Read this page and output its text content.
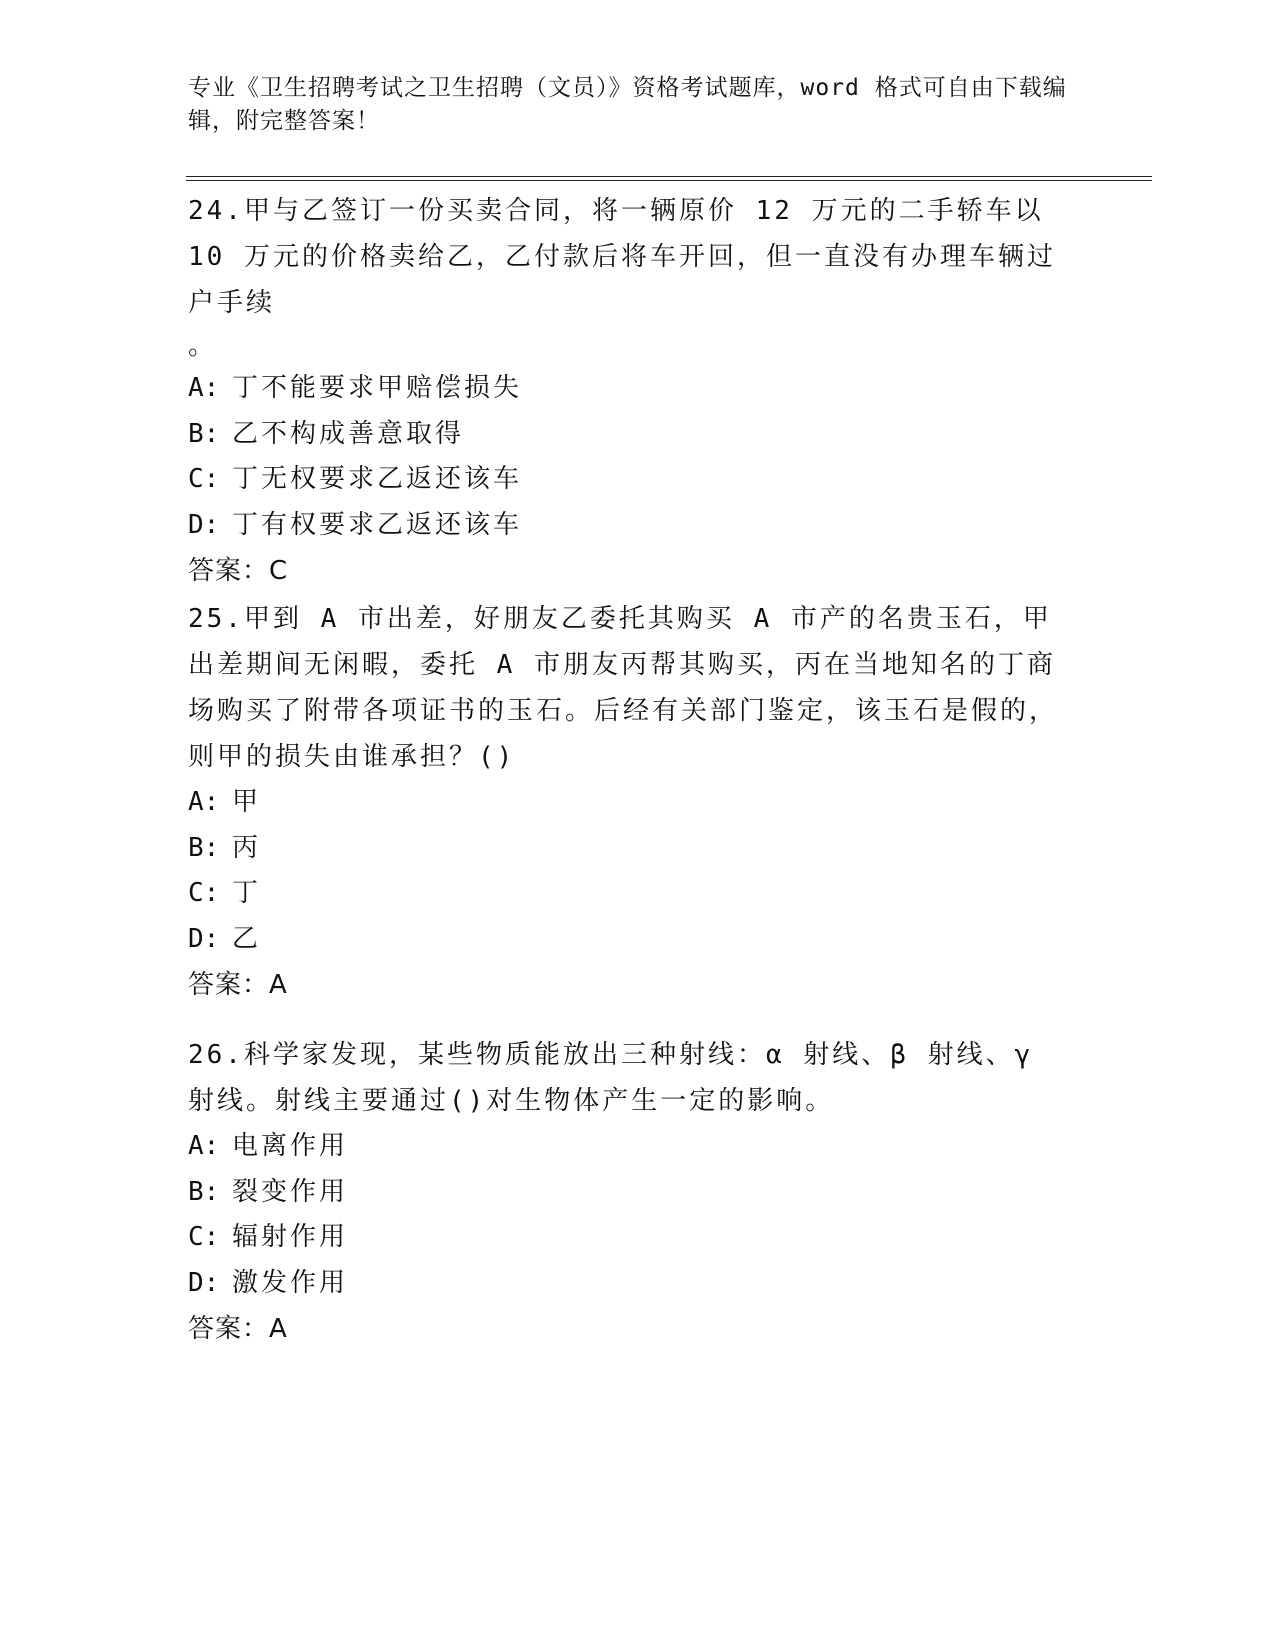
专业《卫生招聘考试之卫生招聘（文员）》资格考试题库，word 格式可自由下载编辑，附完整答案！

24.甲与乙签订一份买卖合同，将一辆原价 12 万元的二手轿车以 10 万元的价格卖给乙，乙付款后将车开回，但一直没有办理车辆过户手续

。

A: 丁不能要求甲赔偿损失

B: 乙不构成善意取得

C: 丁无权要求乙返还该车

D: 丁有权要求乙返还该车

答案：C

25.甲到 A 市出差，好朋友乙委托其购买 A 市产的名贵玉石，甲出差期间无闲暇，委托 A 市朋友丙帮其购买，丙在当地知名的丁商场购买了附带各项证书的玉石。后经有关部门鉴定，该玉石是假的，则甲的损失由谁承担？()

A: 甲

B: 丙

C: 丁

D: 乙

答案：A

26.科学家发现，某些物质能放出三种射线：α 射线、β 射线、γ 射线。射线主要通过()对生物体产生一定的影响。

A: 电离作用

B: 裂变作用

C: 辐射作用

D: 激发作用

答案：A
